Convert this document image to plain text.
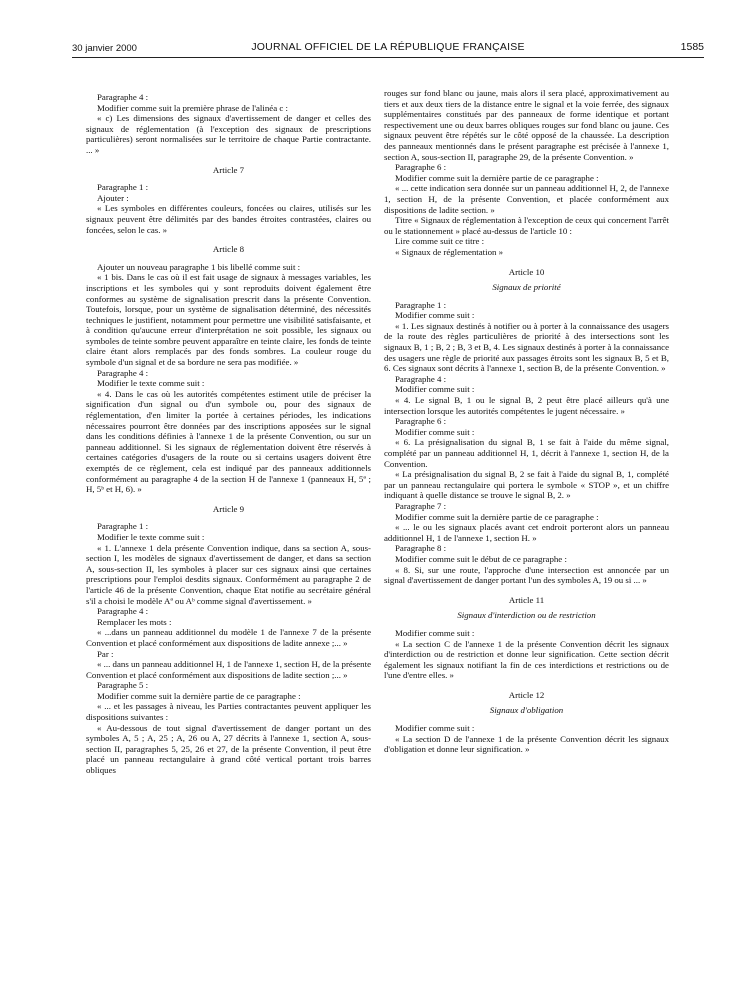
30 janvier 2000	JOURNAL OFFICIEL DE LA RÉPUBLIQUE FRANÇAISE	1585

Paragraphe 4 :

Modifier comme suit la première phrase de l'alinéa c :

« c) Les dimensions des signaux d'avertissement de danger et celles des signaux de réglementation (à l'exception des signaux de prescriptions particulières) seront normalisées sur le territoire de chaque Partie contractante. ... »

Article 7

Paragraphe 1 :

Ajouter :

« Les symboles en différentes couleurs, foncées ou claires, utilisés sur les signaux peuvent être délimités par des bandes étroites contrastées, claires ou foncées, selon le cas. »

Article 8

Ajouter un nouveau paragraphe 1 bis libellé comme suit :

« 1 bis. Dans le cas où il est fait usage de signaux à messages variables, les inscriptions et les symboles qui y sont reproduits doivent également être conformes au système de signalisation prescrit dans la présente Convention. Toutefois, lorsque, pour un système de signalisation déterminé, des nécessités techniques le justifient, notamment pour permettre une visibilité satisfaisante, et à condition qu'aucune erreur d'interprétation ne soit possible, les signaux ou symboles de teinte sombre peuvent apparaître en teinte claire, les fonds de teinte claire étant alors remplacés par des fonds sombres. La couleur rouge du symbole d'un signal et de sa bordure ne sera pas modifiée. »

Paragraphe 4 :

Modifier le texte comme suit :

« 4. Dans le cas où les autorités compétentes estiment utile de préciser la signification d'un signal ou d'un symbole ou, pour des signaux de réglementation, d'en limiter la portée à certaines périodes, les indications nécessaires pourront être données par des inscriptions apposées sur le signal dans les conditions définies à l'annexe 1 de la présente Convention, ou sur un panneau additionnel. Si les signaux de réglementation doivent être réservés à certaines catégories d'usagers de la route ou si certains usagers doivent être exemptés de ce règlement, cela est indiqué par des panneaux additionnels conformément au paragraphe 4 de la section H de l'annexe 1 (panneaux H, 5ª ; H, 5ᵇ et H, 6). »

Article 9

Paragraphe 1 :

Modifier le texte comme suit :

« 1. L'annexe 1 dela présente Convention indique, dans sa section A, sous-section I, les modèles de signaux d'avertissement de danger, et dans sa section A, sous-section II, les symboles à placer sur ces signaux ainsi que certaines prescriptions pour l'emploi desdits signaux. Conformément au paragraphe 2 de l'article 46 de la présente Convention, chaque Etat notifie au secrétaire général s'il a choisi le modèle Aª ou Aᵇ comme signal d'avertissement. »

Paragraphe 4 :

Remplacer les mots :

« ...dans un panneau additionnel du modèle 1 de l'annexe 7 de la présente Convention et placé conformément aux dispositions de ladite annexe ;... »

Par :

« ... dans un panneau additionnel H, 1 de l'annexe 1, section H, de la présente Convention et placé conformément aux dispositions de ladite section ;... »

Paragraphe 5 :

Modifier comme suit la dernière partie de ce paragraphe :

« ... et les passages à niveau, les Parties contractantes peuvent appliquer les dispositions suivantes :

« Au-dessous de tout signal d'avertissement de danger portant un des symboles A, 5 ; A, 25 ; A, 26 ou A, 27 décrits à l'annexe 1, section A, sous-section II, paragraphes 5, 25, 26 et 27, de la présente Convention, il peut être placé un panneau rectangulaire à grand côté vertical portant trois barres obliques

rouges sur fond blanc ou jaune, mais alors il sera placé, approximativement au tiers et aux deux tiers de la distance entre le signal et la voie ferrée, des signaux supplémentaires constitués par des panneaux de forme identique et portant respectivement une ou deux barres obliques rouges sur fond blanc ou jaune. Ces signaux peuvent être répétés sur le côté opposé de la chaussée. La description des panneaux mentionnés dans le présent paragraphe est précisée à l'annexe 1, section A, sous-section II, paragraphe 29, de la présente Convention. »

Paragraphe 6 :

Modifier comme suit la dernière partie de ce paragraphe :

« ... cette indication sera donnée sur un panneau additionnel H, 2, de l'annexe 1, section H, de la présente Convention, et placée conformément aux dispositions de ladite section. »

Titre « Signaux de réglementation à l'exception de ceux qui concernent l'arrêt ou le stationnement » placé au-dessus de l'article 10 :

Lire comme suit ce titre :

« Signaux de réglementation »

Article 10
Signaux de priorité

Paragraphe 1 :

Modifier comme suit :

« 1. Les signaux destinés à notifier ou à porter à la connaissance des usagers de la route des règles particulières de priorité à des intersections sont les signaux B, 1 ; B, 2 ; B, 3 et B, 4. Les signaux destinés à porter à la connaissance des usagers une règle de priorité aux passages étroits sont les signaux B, 5 et B, 6. Ces signaux sont décrits à l'annexe 1, section B, de la présente Convention. »

Paragraphe 4 :

Modifier comme suit :

« 4. Le signal B, 1 ou le signal B, 2 peut être placé ailleurs qu'à une intersection lorsque les autorités compétentes le jugent nécessaire. »

Paragraphe 6 :

Modifier comme suit :

« 6. La présignalisation du signal B, 1 se fait à l'aide du même signal, complété par un panneau additionnel H, 1, décrit à l'annexe 1, section H, de la Convention.

« La présignalisation du signal B, 2 se fait à l'aide du signal B, 1, complété par un panneau rectangulaire qui portera le symbole « STOP », et un chiffre indiquant à quelle distance se trouve le signal B, 2. »

Paragraphe 7 :

Modifier comme suit la dernière partie de ce paragraphe :

« ... le ou les signaux placés avant cet endroit porteront alors un panneau additionnel H, 1 de l'annexe 1, section H. »

Paragraphe 8 :

Modifier comme suit le début de ce paragraphe :

« 8. Si, sur une route, l'approche d'une intersection est annoncée par un signal d'avertissement de danger portant l'un des symboles A, 19 ou si ... »

Article 11
Signaux d'interdiction ou de restriction

Modifier comme suit :

« La section C de l'annexe 1 de la présente Convention décrit les signaux d'interdiction ou de restriction et donne leur signification. Cette section décrit également les signaux notifiant la fin de ces interdictions et restrictions ou de l'une d'entre elles. »

Article 12
Signaux d'obligation

Modifier comme suit :

« La section D de l'annexe 1 de la présente Convention décrit les signaux d'obligation et donne leur signification. »
